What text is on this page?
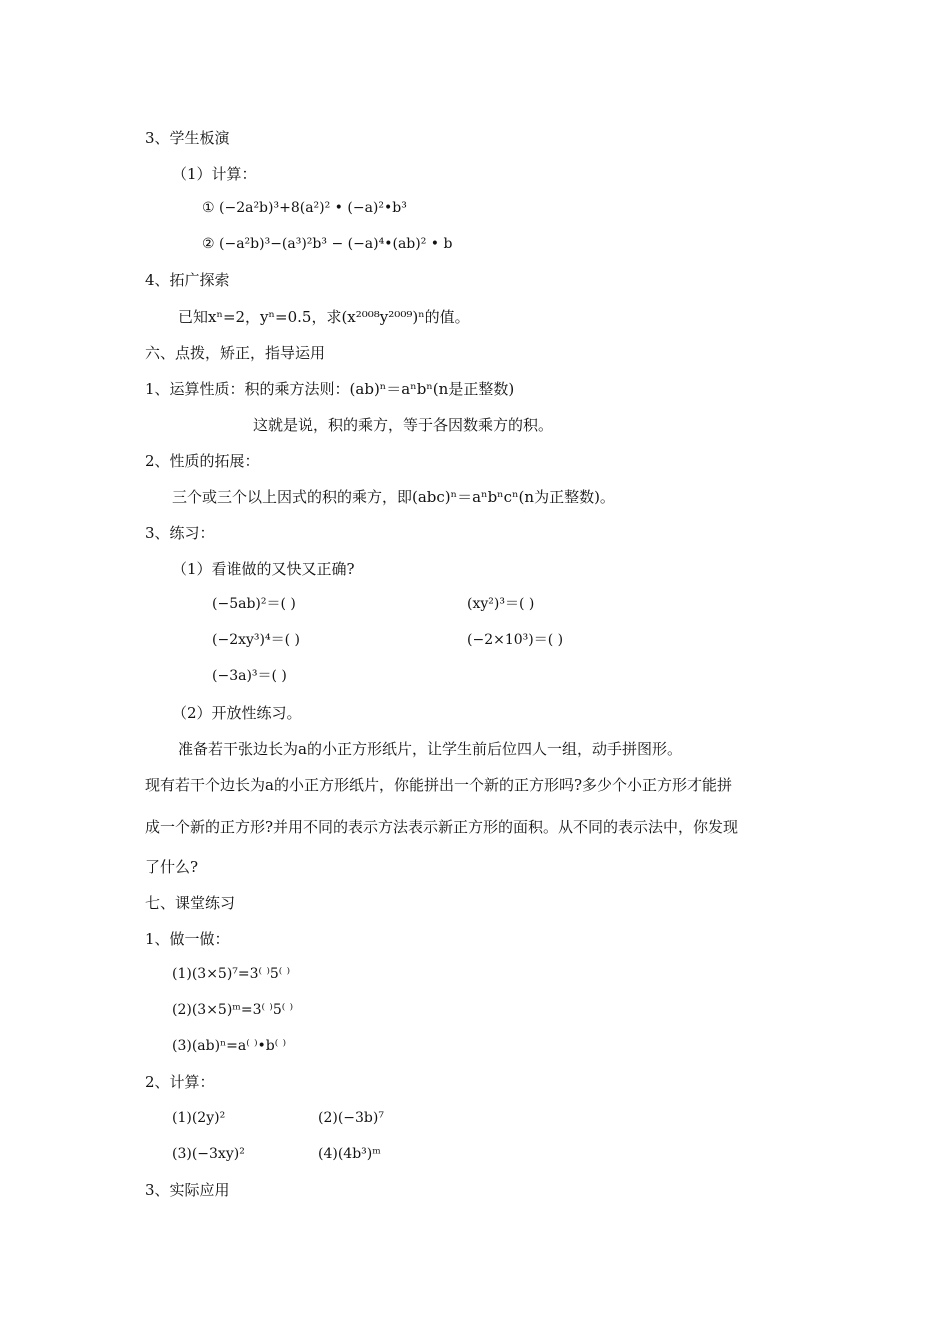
3、学生板演
（1）计算：
① (−2a²b)³+8(a²)² • (−a)²•b³
② (−a²b)³−(a³)²b³ − (−a)⁴•(ab)² • b
4、拓广探索
已知xⁿ=2，yⁿ=0.5，求(x²⁰⁰⁸y²⁰⁰⁹)ⁿ的值。
六、点拨，矫正，指导运用
1、运算性质：积的乘方法则：(ab)ⁿ＝aⁿbⁿ(n是正整数)
这就是说，积的乘方，等于各因数乘方的积。
2、性质的拓展：
三个或三个以上因式的积的乘方，即(abc)ⁿ＝aⁿbⁿcⁿ(n为正整数)。
3、练习：
（1）看谁做的又快又正确?
(−5ab)²＝( )	(xy²)³＝( )
(−2xy³)⁴＝( )	(−2×10³)＝( )
(−3a)³＝( )
（2）开放性练习。
准备若干张边长为a的小正方形纸片，让学生前后位四人一组，动手拼图形。
现有若干个边长为a的小正方形纸片，你能拼出一个新的正方形吗?多少个小正方形才能拼
成一个新的正方形?并用不同的表示方法表示新正方形的面积。从不同的表示法中，你发现
了什么?
七、课堂练习
1、做一做：
(1)(3×5)⁷=3⁽ ⁾5⁽ ⁾
(2)(3×5)ᵐ=3⁽ ⁾5⁽ ⁾
(3)(ab)ⁿ=a⁽ ⁾•b⁽ ⁾
2、计算：
(1)(2y)²	(2)(−3b)⁷
(3)(−3xy)²	(4)(4b³)ᵐ
3、实际应用
